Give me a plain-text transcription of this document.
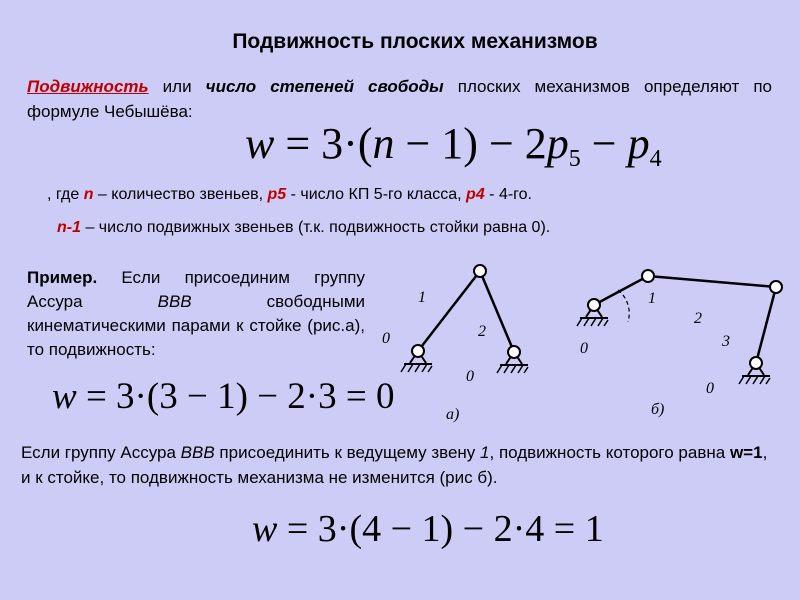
Подвижность плоских механизмов
Подвижность или число степеней свободы плоских механизмов определяют по формуле Чебышёва:
$w = 3\cdot(n - 1) - 2p_5 - p_4$
, где n – количество звеньев, p5 - число КП 5-го класса, p4 - 4-го.
n-1 – число подвижных звеньев (т.к. подвижность стойки равна 0).
Пример. Если присоединим группу Ассура ВВВ свободными кинематическими парами к стойке (рис.а), то подвижность:
w = 3·(3 − 1) − 2·3 = 0
Если группу Ассура ВВВ присоединить к ведущему звену 1, подвижность которого равна w=1, и к стойке, то подвижность механизма не изменится (рис б).
w = 3·(4 − 1) − 2·4 = 1
1
2
0
0
а)
1
2
3
0
0
б)
